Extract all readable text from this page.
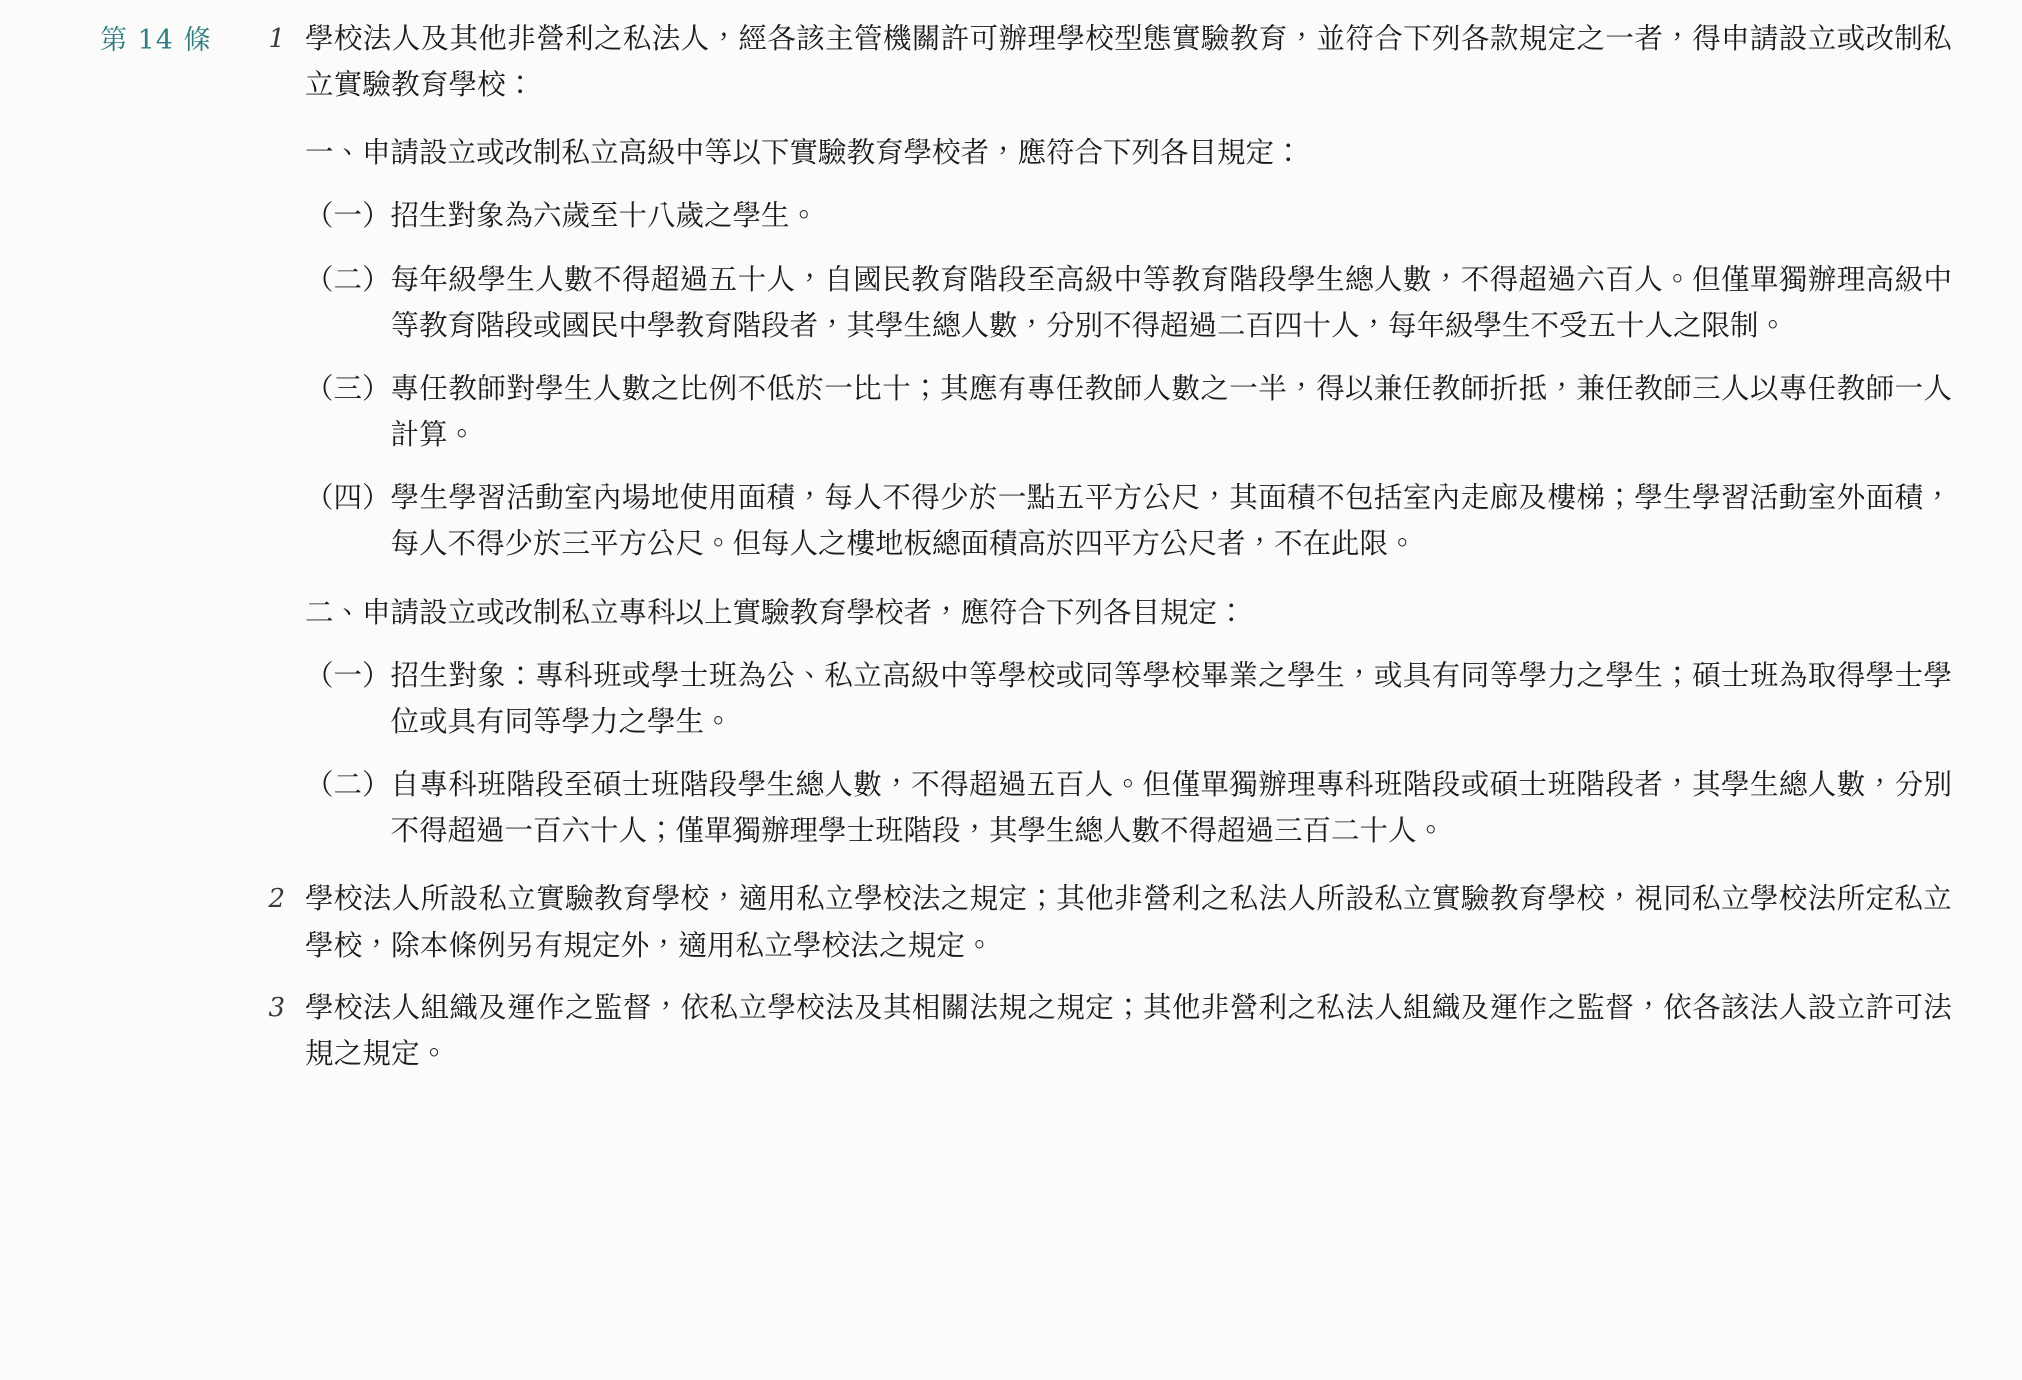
第 14 條	1 學校法人及其他非營利之私法人，經各該主管機關許可辦理學校型態實驗教育，並符合下列各款規定之一者，得申請設立或改制私立實驗教育學校：
一、申請設立或改制私立高級中等以下實驗教育學校者，應符合下列各目規定：
（一） 招生對象為六歲至十八歲之學生。
（二） 每年級學生人數不得超過五十人，自國民教育階段至高級中等教育階段學生總人數，不得超過六百人。但僅單獨辦理高級中等教育階段或國民中學教育階段者，其學生總人數，分別不得超過二百四十人，每年級學生不受五十人之限制。
（三） 專任教師對學生人數之比例不低於一比十；其應有專任教師人數之一半，得以兼任教師折抵，兼任教師三人以專任教師一人計算。
（四） 學生學習活動室內場地使用面積，每人不得少於一點五平方公尺，其面積不包括室內走廊及樓梯；學生學習活動室外面積，每人不得少於三平方公尺。但每人之樓地板總面積高於四平方公尺者，不在此限。
二、申請設立或改制私立專科以上實驗教育學校者，應符合下列各目規定：
（一） 招生對象：專科班或學士班為公、私立高級中等學校或同等學校畢業之學生，或具有同等學力之學生；碩士班為取得學士學位或具有同等學力之學生。
（二） 自專科班階段至碩士班階段學生總人數，不得超過五百人。但僅單獨辦理專科班階段或碩士班階段者，其學生總人數，分別不得超過一百六十人；僅單獨辦理學士班階段，其學生總人數不得超過三百二十人。
2 學校法人所設私立實驗教育學校，適用私立學校法之規定；其他非營利之私法人所設私立實驗教育學校，視同私立學校法所定私立學校，除本條例另有規定外，適用私立學校法之規定。
3 學校法人組織及運作之監督，依私立學校法及其相關法規之規定；其他非營利之私法人組織及運作之監督，依各該法人設立許可法規之規定。
